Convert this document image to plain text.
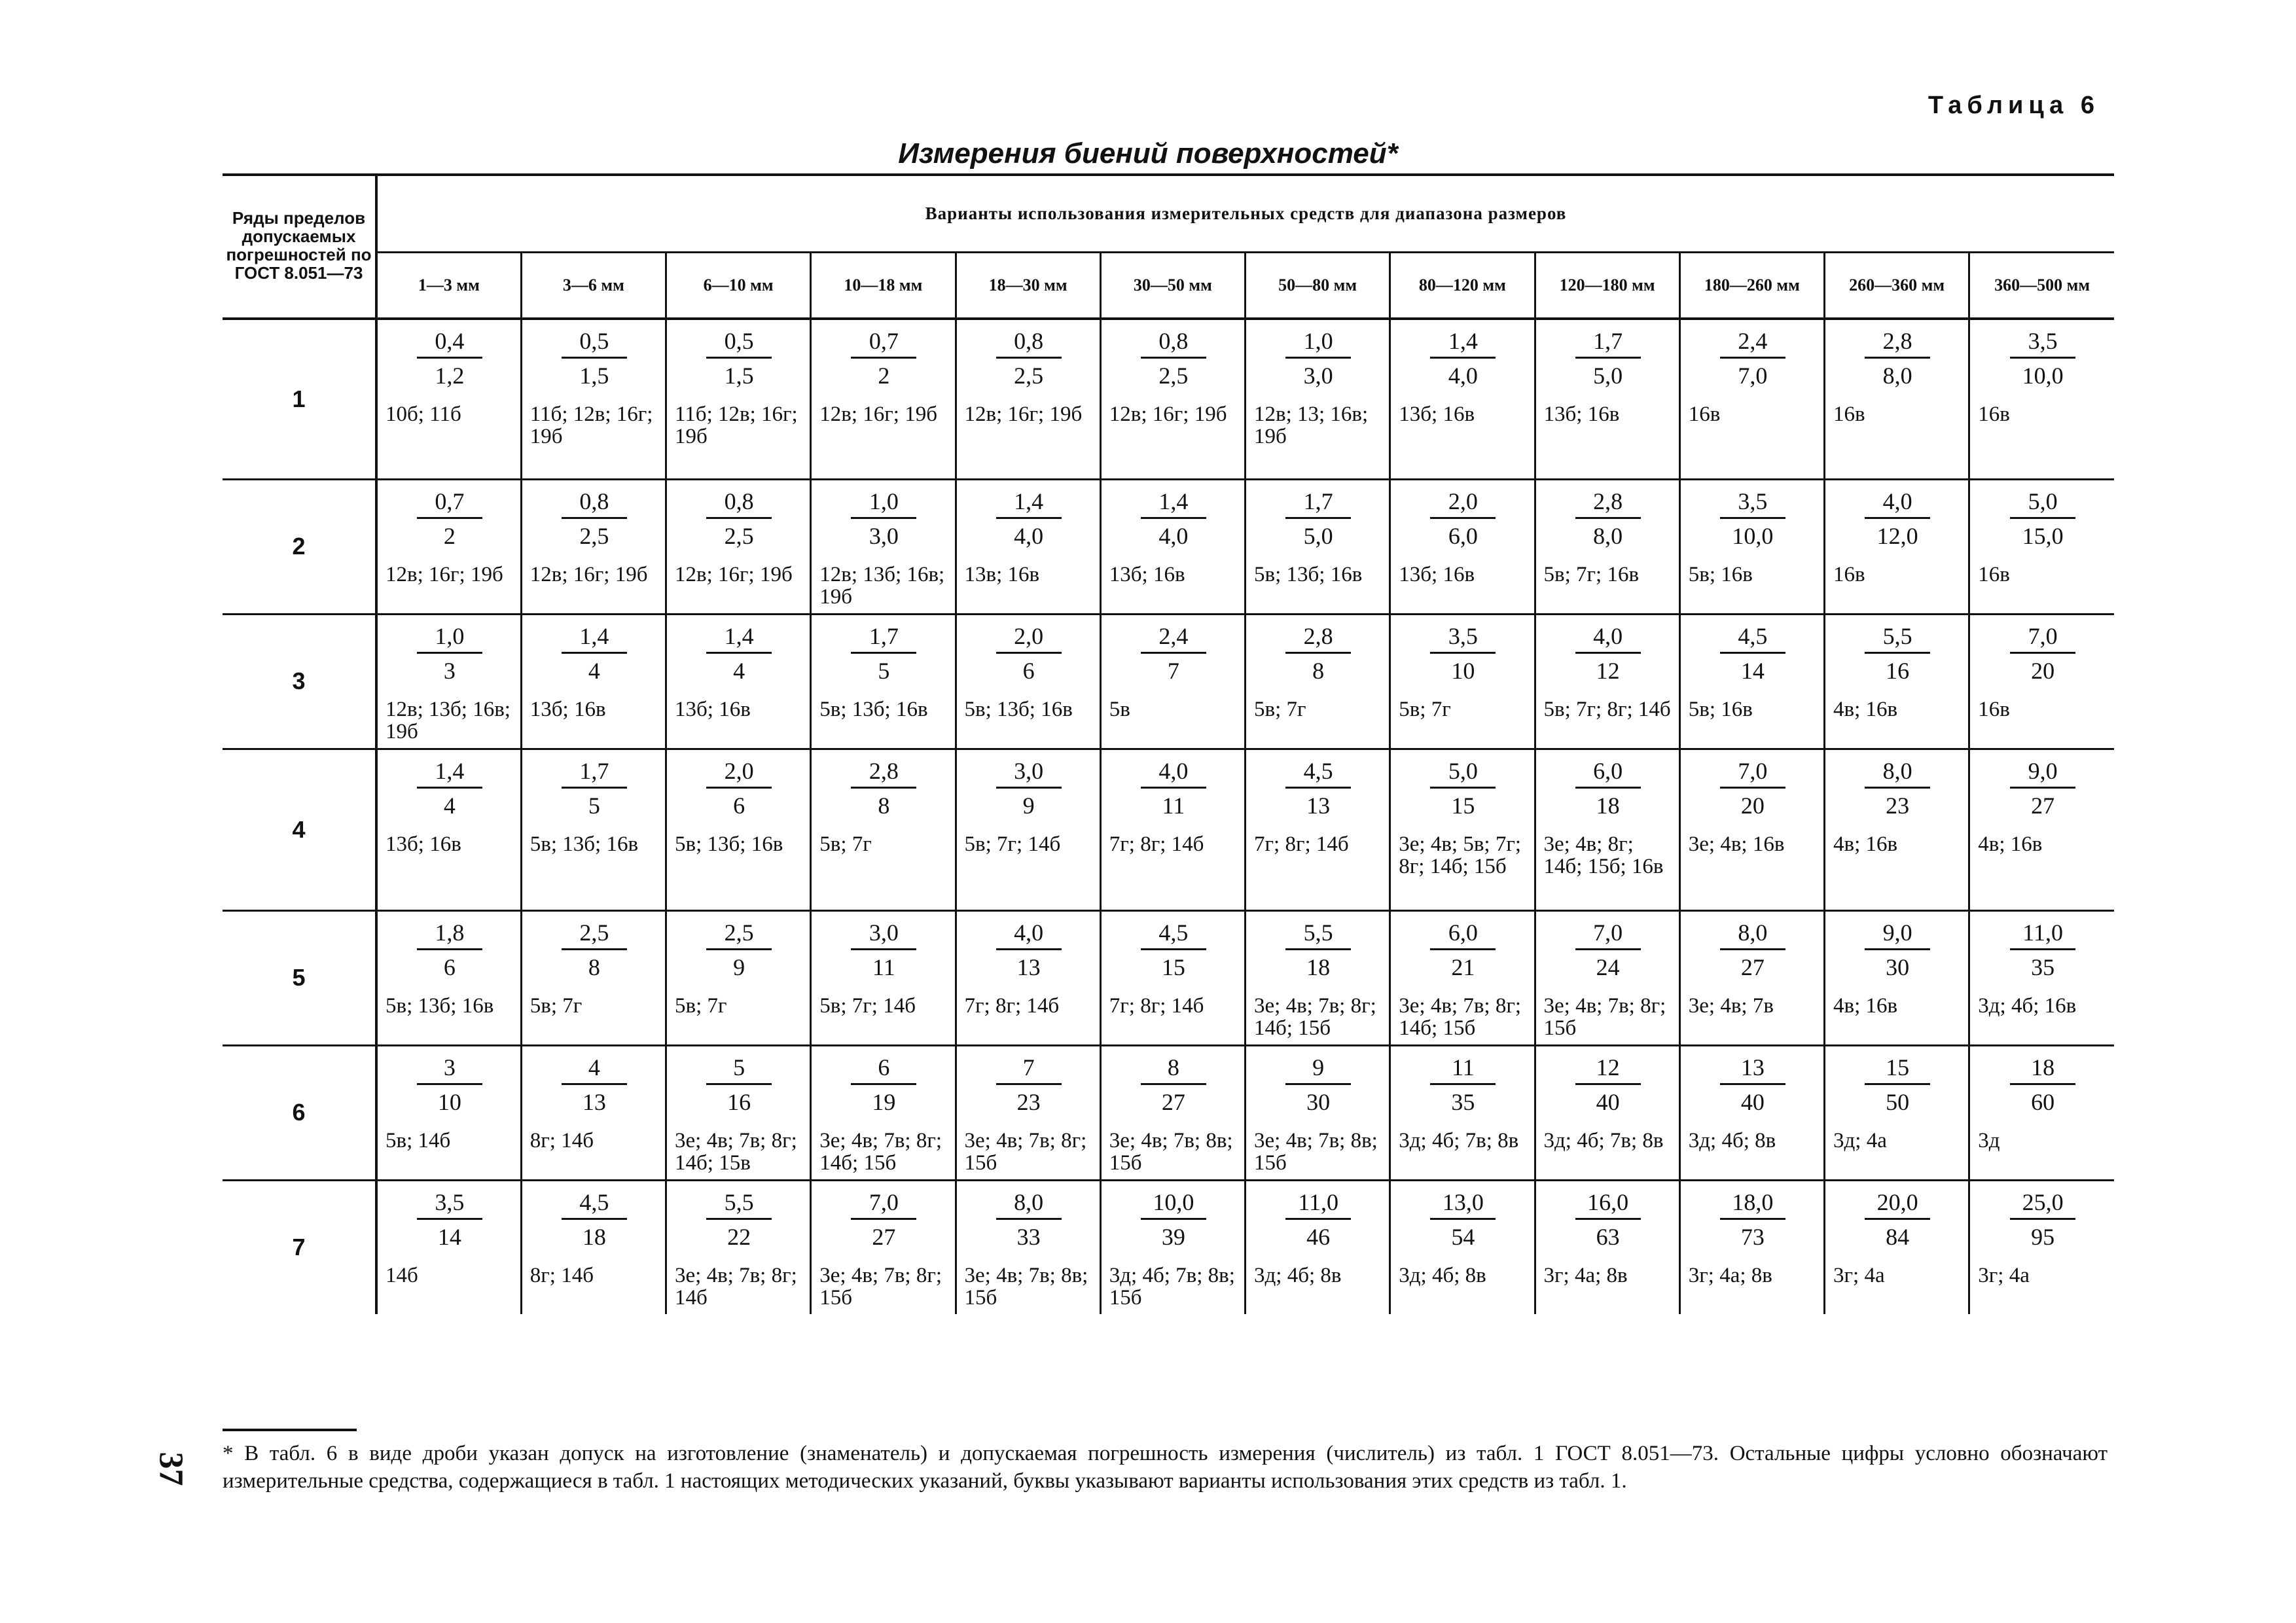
Таблица 6
Измерения биений поверхностей*
Ряды пределов допускаемых погрешностей по ГОСТ 8.051—73	Варианты использования измерительных средств для диапазона размеров											
	1—3 мм	3—6 мм	6—10 мм	10—18 мм	18—30 мм	30—50 мм	50—80 мм	80—120 мм	120—180 мм	180—260 мм	260—360 мм	360—500 мм
1	0,4
1,2
10б; 11б	0,5
1,5
11б; 12в; 16г; 19б	0,5
1,5
11б; 12в; 16г; 19б	0,7
2
12в; 16г; 19б	0,8
2,5
12в; 16г; 19б	0,8
2,5
12в; 16г; 19б	1,0
3,0
12в; 13; 16в; 19б	1,4
4,0
13б; 16в	1,7
5,0
13б; 16в	2,4
7,0
16в	2,8
8,0
16в	3,5
10,0
16в

2	0,7
2
12в; 16г; 19б	0,8
2,5
12в; 16г; 19б	0,8
2,5
12в; 16г; 19б	1,0
3,0
12в; 13б; 16в; 19б	1,4
4,0
13в; 16в	1,4
4,0
13б; 16в	1,7
5,0
5в; 13б; 16в	2,0
6,0
13б; 16в	2,8
8,0
5в; 7г; 16в	3,5
10,0
5в; 16в	4,0
12,0
16в	5,0
15,0
16в

3	1,0
3
12в; 13б; 16в; 19б	1,4
4
13б; 16в	1,4
4
13б; 16в	1,7
5
5в; 13б; 16в	2,0
6
5в; 13б; 16в	2,4
7
5в	2,8
8
5в; 7г	3,5
10
5в; 7г	4,0
12
5в; 7г; 8г; 14б	4,5
14
5в; 16в	5,5
16
4в; 16в	7,0
20
16в

4	1,4
4
13б; 16в	1,7
5
5в; 13б; 16в	2,0
6
5в; 13б; 16в	2,8
8
5в; 7г	3,0
9
5в; 7г; 14б	4,0
11
7г; 8г; 14б	4,5
13
7г; 8г; 14б	5,0
15
3е; 4в; 5в; 7г; 8г; 14б; 15б	6,0
18
3е; 4в; 8г; 14б; 15б; 16в	7,0
20
3е; 4в; 16в	8,0
23
4в; 16в	9,0
27
4в; 16в

5	1,8
6
5в; 13б; 16в	2,5
8
5в; 7г	2,5
9
5в; 7г	3,0
11
5в; 7г; 14б	4,0
13
7г; 8г; 14б	4,5
15
7г; 8г; 14б	5,5
18
3е; 4в; 7в; 8г; 14б; 15б	6,0
21
3е; 4в; 7в; 8г; 14б; 15б	7,0
24
3е; 4в; 7в; 8г; 15б	8,0
27
3е; 4в; 7в	9,0
30
4в; 16в	11,0
35
3д; 4б; 16в

6	3
10
5в; 14б	4
13
8г; 14б	5
16
3е; 4в; 7в; 8г; 14б; 15в	6
19
3е; 4в; 7в; 8г; 14б; 15б	7
23
3е; 4в; 7в; 8г; 15б	8
27
3е; 4в; 7в; 8в; 15б	9
30
3е; 4в; 7в; 8в; 15б	11
35
3д; 4б; 7в; 8в	12
40
3д; 4б; 7в; 8в	13
40
3д; 4б; 8в	15
50
3д; 4а	18
60
3д

7	3,5
14
14б	4,5
18
8г; 14б	5,5
22
3е; 4в; 7в; 8г; 14б	7,0
27
3е; 4в; 7в; 8г; 15б	8,0
33
3е; 4в; 7в; 8в; 15б	10,0
39
3д; 4б; 7в; 8в; 15б	11,0
46
3д; 4б; 8в	13,0
54
3д; 4б; 8в	16,0
63
3г; 4а; 8в	18,0
73
3г; 4а; 8в	20,0
84
3г; 4а	25,0
95
3г; 4а
* В табл. 6 в виде дроби указан допуск на изготовление (знаменатель) и допускаемая погрешность измерения (числитель) из табл. 1 ГОСТ 8.051—73. Остальные цифры условно обозначают измерительные средства, содержащиеся в табл. 1 настоящих методических указаний, буквы указывают варианты использования этих средств из табл. 1.
37
